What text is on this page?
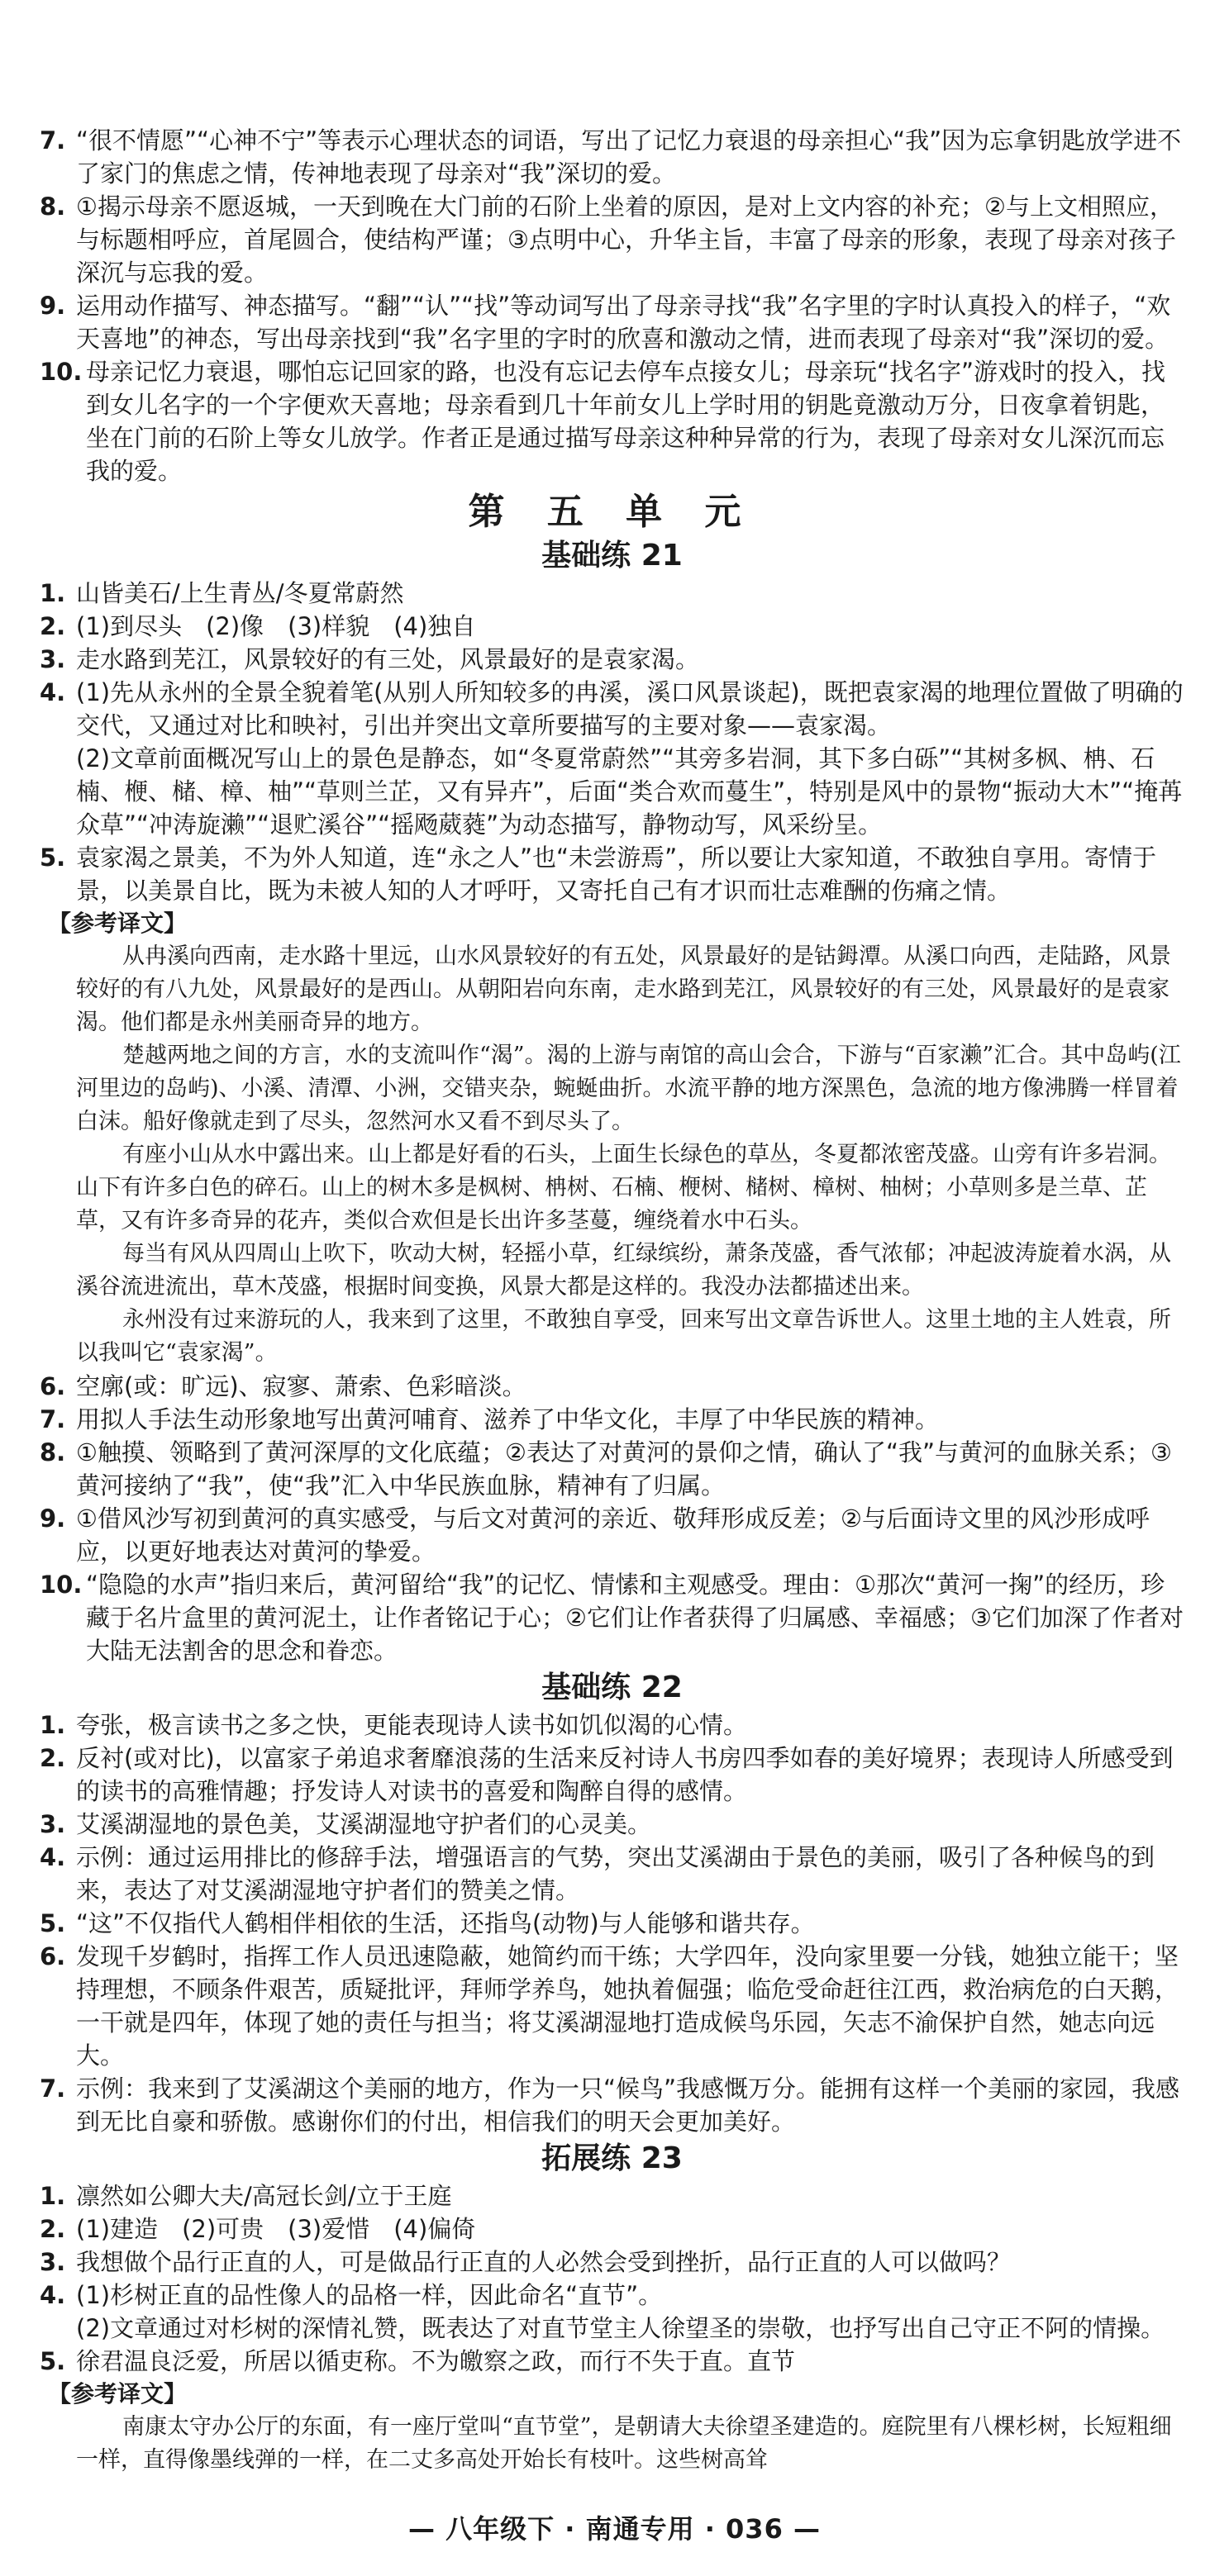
7. “很不情愿”“心神不宁”等表示心理状态的词语，写出了记忆力衰退的母亲担心“我”因为忘拿钥匙放学进不了家门的焦虑之情，传神地表现了母亲对“我”深切的爱。

8. ①揭示母亲不愿返城，一天到晚在大门前的石阶上坐着的原因，是对上文内容的补充；②与上文相照应，与标题相呼应，首尾圆合，使结构严谨；③点明中心，升华主旨，丰富了母亲的形象，表现了母亲对孩子深沉与忘我的爱。

9. 运用动作描写、神态描写。“翻”“认”“找”等动词写出了母亲寻找“我”名字里的字时认真投入的样子，“欢天喜地”的神态，写出母亲找到“我”名字里的字时的欣喜和激动之情，进而表现了母亲对“我”深切的爱。

10. 母亲记忆力衰退，哪怕忘记回家的路，也没有忘记去停车点接女儿；母亲玩“找名字”游戏时的投入，找到女儿名字的一个字便欢天喜地；母亲看到几十年前女儿上学时用的钥匙竟激动万分，日夜拿着钥匙，坐在门前的石阶上等女儿放学。作者正是通过描写母亲这种种异常的行为，表现了母亲对女儿深沉而忘我的爱。

第 五 单 元
基础练 21

1. 山皆美石/上生青丛/冬夏常蔚然

2. (1)到尽头　(2)像　(3)样貌　(4)独自

3. 走水路到芜江，风景较好的有三处，风景最好的是袁家渴。

4. (1)先从永州的全景全貌着笔(从别人所知较多的冉溪，溪口风景谈起)，既把袁家渴的地理位置做了明确的交代，又通过对比和映衬，引出并突出文章所要描写的主要对象——袁家渴。

(2)文章前面概况写山上的景色是静态，如“冬夏常蔚然”“其旁多岩洞，其下多白砾”“其树多枫、柟、石楠、楩、槠、樟、柚”“草则兰芷，又有异卉”，后面“类合欢而蔓生”，特别是风中的景物“振动大木”“掩苒众草”“冲涛旋濑”“退贮溪谷”“摇飏葳蕤”为动态描写，静物动写，风采纷呈。

5. 袁家渴之景美，不为外人知道，连“永之人”也“未尝游焉”，所以要让大家知道，不敢独自享用。寄情于景，以美景自比，既为未被人知的人才呼吁，又寄托自己有才识而壮志难酬的伤痛之情。

【参考译文】

从冉溪向西南，走水路十里远，山水风景较好的有五处，风景最好的是钴鉧潭。从溪口向西，走陆路，风景较好的有八九处，风景最好的是西山。从朝阳岩向东南，走水路到芜江，风景较好的有三处，风景最好的是袁家渴。他们都是永州美丽奇异的地方。

楚越两地之间的方言，水的支流叫作“渴”。渴的上游与南馆的高山会合，下游与“百家濑”汇合。其中岛屿(江河里边的岛屿)、小溪、清潭、小洲，交错夹杂，蜿蜒曲折。水流平静的地方深黑色，急流的地方像沸腾一样冒着白沫。船好像就走到了尽头，忽然河水又看不到尽头了。

有座小山从水中露出来。山上都是好看的石头，上面生长绿色的草丛，冬夏都浓密茂盛。山旁有许多岩洞。山下有许多白色的碎石。山上的树木多是枫树、柟树、石楠、楩树、槠树、樟树、柚树；小草则多是兰草、芷草，又有许多奇异的花卉，类似合欢但是长出许多茎蔓，缠绕着水中石头。

每当有风从四周山上吹下，吹动大树，轻摇小草，红绿缤纷，萧条茂盛，香气浓郁；冲起波涛旋着水涡，从溪谷流进流出，草木茂盛，根据时间变换，风景大都是这样的。我没办法都描述出来。

永州没有过来游玩的人，我来到了这里，不敢独自享受，回来写出文章告诉世人。这里土地的主人姓袁，所以我叫它“袁家渴”。

6. 空廓(或：旷远)、寂寥、萧索、色彩暗淡。

7. 用拟人手法生动形象地写出黄河哺育、滋养了中华文化，丰厚了中华民族的精神。

8. ①触摸、领略到了黄河深厚的文化底蕴；②表达了对黄河的景仰之情，确认了“我”与黄河的血脉关系；③黄河接纳了“我”，使“我”汇入中华民族血脉，精神有了归属。

9. ①借风沙写初到黄河的真实感受，与后文对黄河的亲近、敬拜形成反差；②与后面诗文里的风沙形成呼应，以更好地表达对黄河的挚爱。

10. “隐隐的水声”指归来后，黄河留给“我”的记忆、情愫和主观感受。理由：①那次“黄河一掬”的经历，珍藏于名片盒里的黄河泥土，让作者铭记于心；②它们让作者获得了归属感、幸福感；③它们加深了作者对大陆无法割舍的思念和眷恋。

基础练 22

1. 夸张，极言读书之多之快，更能表现诗人读书如饥似渴的心情。

2. 反衬(或对比)，以富家子弟追求奢靡浪荡的生活来反衬诗人书房四季如春的美好境界；表现诗人所感受到的读书的高雅情趣；抒发诗人对读书的喜爱和陶醉自得的感情。

3. 艾溪湖湿地的景色美，艾溪湖湿地守护者们的心灵美。

4. 示例：通过运用排比的修辞手法，增强语言的气势，突出艾溪湖由于景色的美丽，吸引了各种候鸟的到来，表达了对艾溪湖湿地守护者们的赞美之情。

5. “这”不仅指代人鹤相伴相依的生活，还指鸟(动物)与人能够和谐共存。

6. 发现千岁鹤时，指挥工作人员迅速隐蔽，她简约而干练；大学四年，没向家里要一分钱，她独立能干；坚持理想，不顾条件艰苦，质疑批评，拜师学养鸟，她执着倔强；临危受命赶往江西，救治病危的白天鹅，一干就是四年，体现了她的责任与担当；将艾溪湖湿地打造成候鸟乐园，矢志不渝保护自然，她志向远大。

7. 示例：我来到了艾溪湖这个美丽的地方，作为一只“候鸟”我感慨万分。能拥有这样一个美丽的家园，我感到无比自豪和骄傲。感谢你们的付出，相信我们的明天会更加美好。

拓展练 23

1. 凛然如公卿大夫/高冠长剑/立于王庭

2. (1)建造　(2)可贵　(3)爱惜　(4)偏倚

3. 我想做个品行正直的人，可是做品行正直的人必然会受到挫折，品行正直的人可以做吗？

4. (1)杉树正直的品性像人的品格一样，因此命名“直节”。

(2)文章通过对杉树的深情礼赞，既表达了对直节堂主人徐望圣的崇敬，也抒写出自己守正不阿的情操。

5. 徐君温良泛爱，所居以循吏称。不为皦察之政，而行不失于直。直节

【参考译文】

南康太守办公厅的东面，有一座厅堂叫“直节堂”，是朝请大夫徐望圣建造的。庭院里有八棵杉树，长短粗细一样，直得像墨线弹的一样，在二丈多高处开始长有枝叶。这些树高耸

— 八年级下 · 南通专用 · 036 —
